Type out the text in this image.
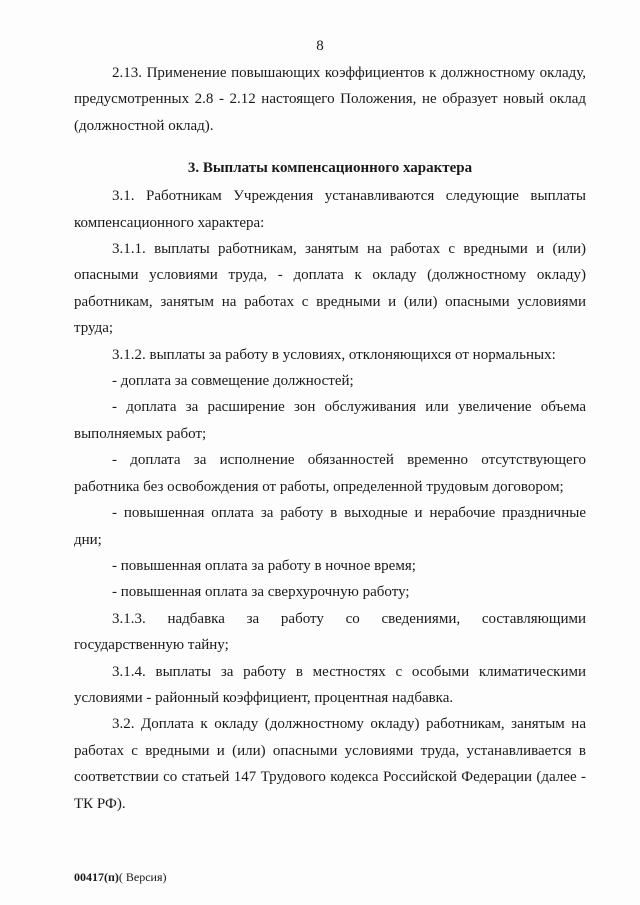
8

2.13. Применение повышающих коэффициентов к должностному окладу, предусмотренных 2.8 - 2.12 настоящего Положения, не образует новый оклад (должностной оклад).

3. Выплаты компенсационного характера

3.1. Работникам Учреждения устанавливаются следующие выплаты компенсационного характера:

3.1.1. выплаты работникам, занятым на работах с вредными и (или) опасными условиями труда, - доплата к окладу (должностному окладу) работникам, занятым на работах с вредными и (или) опасными условиями труда;

3.1.2. выплаты за работу в условиях, отклоняющихся от нормальных:

- доплата за совмещение должностей;

- доплата за расширение зон обслуживания или увеличение объема выполняемых работ;

- доплата за исполнение обязанностей временно отсутствующего работника без освобождения от работы, определенной трудовым договором;

- повышенная оплата за работу в выходные и нерабочие праздничные дни;

- повышенная оплата за работу в ночное время;

- повышенная оплата за сверхурочную работу;

3.1.3. надбавка за работу со сведениями, составляющими государственную тайну;

3.1.4. выплаты за работу в местностях с особыми климатическими условиями - районный коэффициент, процентная надбавка.

3.2. Доплата к окладу (должностному окладу) работникам, занятым на работах с вредными и (или) опасными условиями труда, устанавливается в соответствии со статьей 147 Трудового кодекса Российской Федерации (далее - ТК РФ).

00417(п)( Версия)
